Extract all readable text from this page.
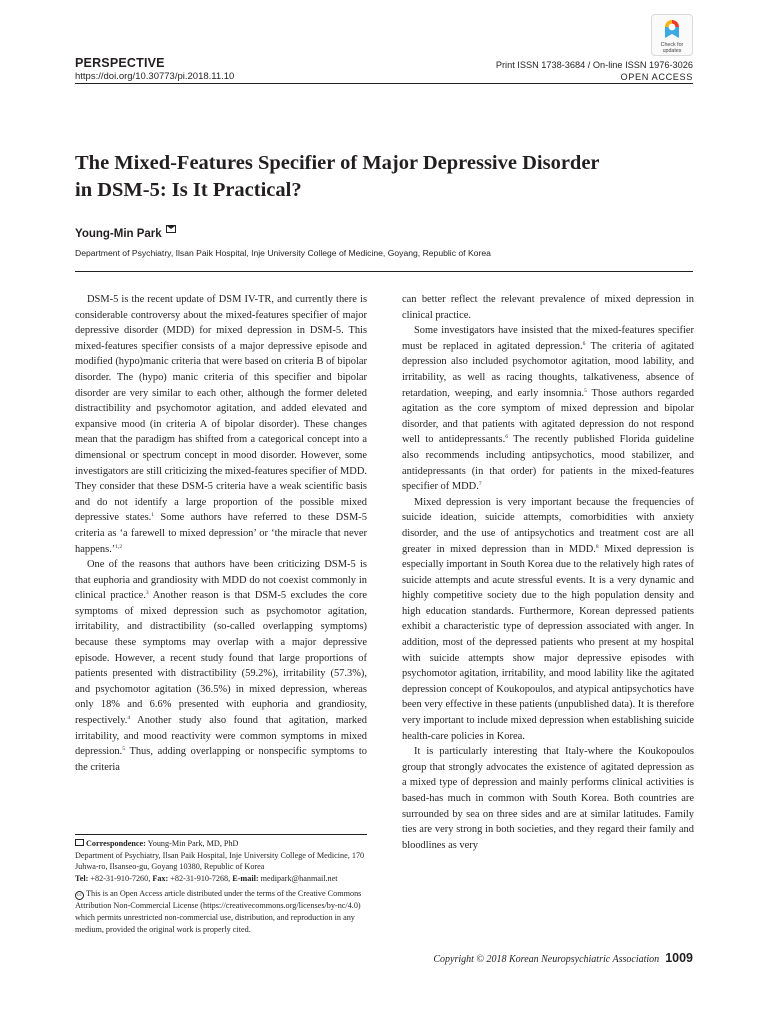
PERSPECTIVE
https://doi.org/10.30773/pi.2018.11.10
Check for updates
Print ISSN 1738-3684 / On-line ISSN 1976-3026
OPEN ACCESS
The Mixed-Features Specifier of Major Depressive Disorder
in DSM-5: Is It Practical?
Young-Min Park
Department of Psychiatry, Ilsan Paik Hospital, Inje University College of Medicine, Goyang, Republic of Korea

DSM-5 is the recent update of DSM IV-TR, and currently there is considerable controversy about the mixed-features specifier of major depressive disorder (MDD) for mixed depression in DSM-5. This mixed-features specifier consists of a major depressive episode and modified (hypo)manic criteria that were based on criteria B of bipolar disorder. The (hypo) manic criteria of this specifier and bipolar disorder are very similar to each other, although the former deleted distractibility and psychomotor agitation, and added elevated and expansive mood (in criteria A of bipolar disorder). These changes mean that the paradigm has shifted from a categorical concept into a dimensional or spectrum concept in mood disorder. However, some investigators are still criticizing the mixed-features specifier of MDD. They consider that these DSM-5 criteria have a weak scientific basis and do not identify a large proportion of the possible mixed depressive states.$^1$ Some authors have referred to these DSM-5 criteria as ‘a farewell to mixed depression’ or ‘the miracle that never happens.’$^{1,2}$

One of the reasons that authors have been criticizing DSM-5 is that euphoria and grandiosity with MDD do not coexist commonly in clinical practice.$^3$ Another reason is that DSM-5 excludes the core symptoms of mixed depression such as psychomotor agitation, irritability, and distractibility (so-called overlapping symptoms) because these symptoms may overlap with a major depressive episode. However, a recent study found that large proportions of patients presented with distractibility (59.2%), irritability (57.3%), and psychomotor agitation (36.5%) in mixed depression, whereas only 18% and 6.6% presented with euphoria and grandiosity, respectively.$^4$ Another study also found that agitation, marked irritability, and mood reactivity were common symptoms in mixed depression.$^5$ Thus, adding overlapping or nonspecific symptoms to the criteria

Correspondence: Young-Min Park, MD, PhD
Department of Psychiatry, Ilsan Paik Hospital, Inje University College of Medicine, 170 Juhwa-ro, Ilsanseo-gu, Goyang 10380, Republic of Korea
Tel: +82-31-910-7260, Fax: +82-31-910-7268, E-mail: medipark@hanmail.net
cc This is an Open Access article distributed under the terms of the Creative Commons Attribution Non-Commercial License (https://creativecommons.org/licenses/by-nc/4.0) which permits unrestricted non-commercial use, distribution, and reproduction in any medium, provided the original work is properly cited.

can better reflect the relevant prevalence of mixed depression in clinical practice.

Some investigators have insisted that the mixed-features specifier must be replaced in agitated depression.$^6$ The criteria of agitated depression also included psychomotor agitation, mood lability, and irritability, as well as racing thoughts, talkativeness, absence of retardation, weeping, and early insomnia.$^5$ Those authors regarded agitation as the core symptom of mixed depression and bipolar disorder, and that patients with agitated depression do not respond well to antidepressants.$^6$ The recently published Florida guideline also recommends including antipsychotics, mood stabilizer, and antidepressants (in that order) for patients in the mixed-features specifier of MDD.$^7$

Mixed depression is very important because the frequencies of suicide ideation, suicide attempts, comorbidities with anxiety disorder, and the use of antipsychotics and treatment cost are all greater in mixed depression than in MDD.$^8$ Mixed depression is especially important in South Korea due to the relatively high rates of suicide attempts and acute stressful events. It is a very dynamic and highly competitive society due to the high population density and high education standards. Furthermore, Korean depressed patients exhibit a characteristic type of depression associated with anger. In addition, most of the depressed patients who present at my hospital with suicide attempts show major depressive episodes with psychomotor agitation, irritability, and mood lability like the agitated depression concept of Koukopoulos, and atypical antipsychotics have been very effective in these patients (unpublished data). It is therefore very important to include mixed depression when establishing suicide health-care policies in Korea.

It is particularly interesting that Italy-where the Koukopoulos group that strongly advocates the existence of agitated depression as a mixed type of depression and mainly performs clinical activities is based-has much in common with South Korea. Both countries are surrounded by sea on three sides and are at similar latitudes. Family ties are very strong in both societies, and they regard their family and bloodlines as very

Copyright © 2018 Korean Neuropsychiatric Association 1009
